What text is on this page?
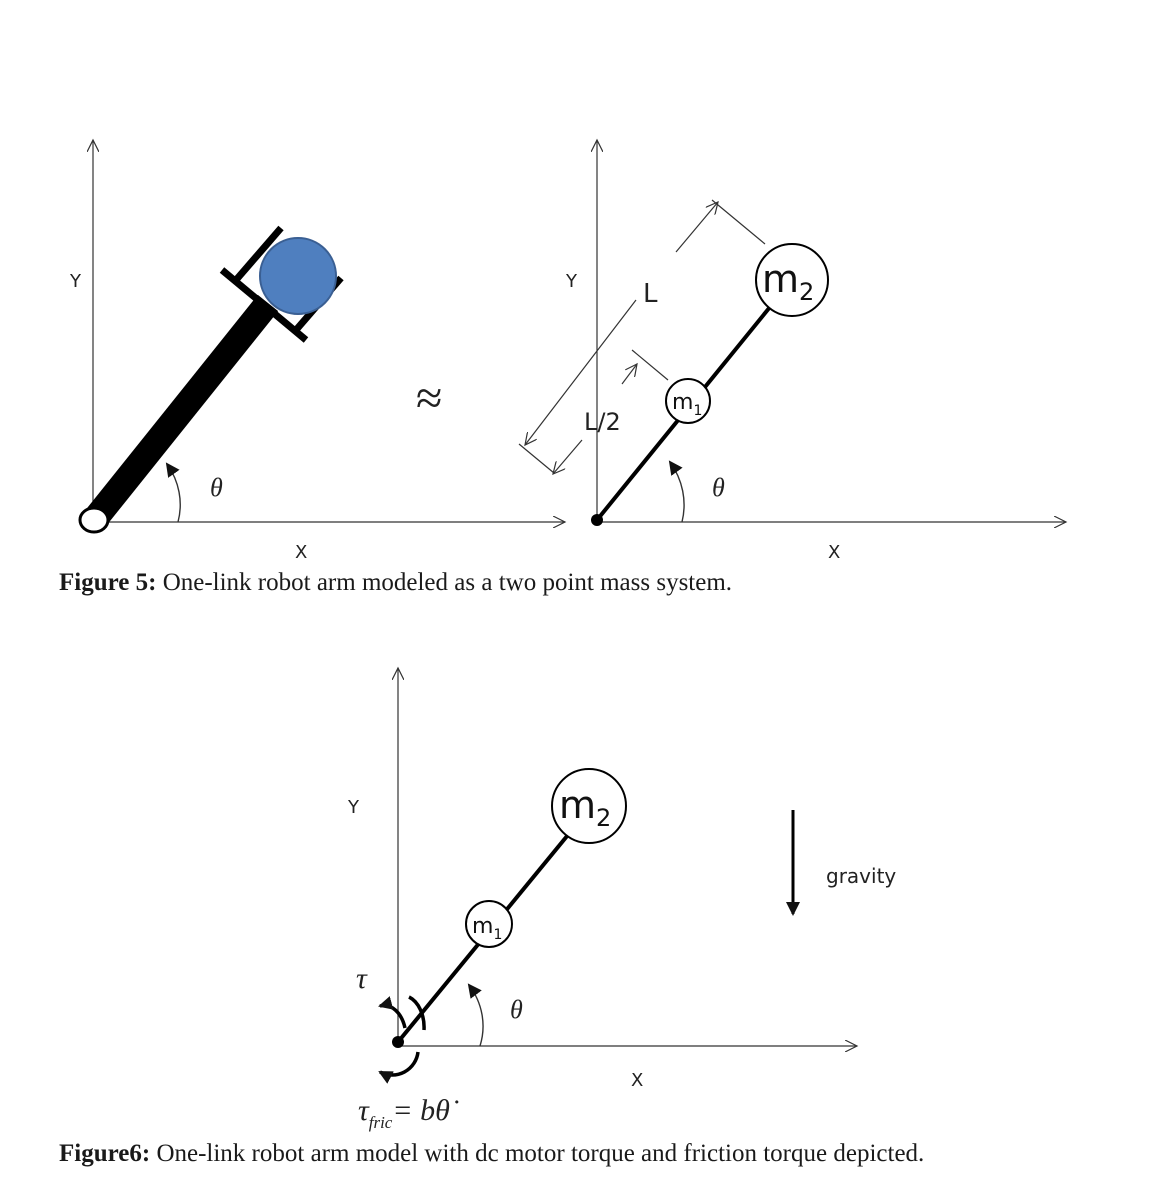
Y
X
θ
≈
Y
X
L
L/2
$m_1$
$m_2$
θ
Y
X
$m_1$
$m_2$
θ
τ
$\tau_{fric}=$ bθ̇
gravity
Figure 5: One-link robot arm modeled as a two point mass system.
Figure6: One-link robot arm model with dc motor torque and friction torque depicted.
